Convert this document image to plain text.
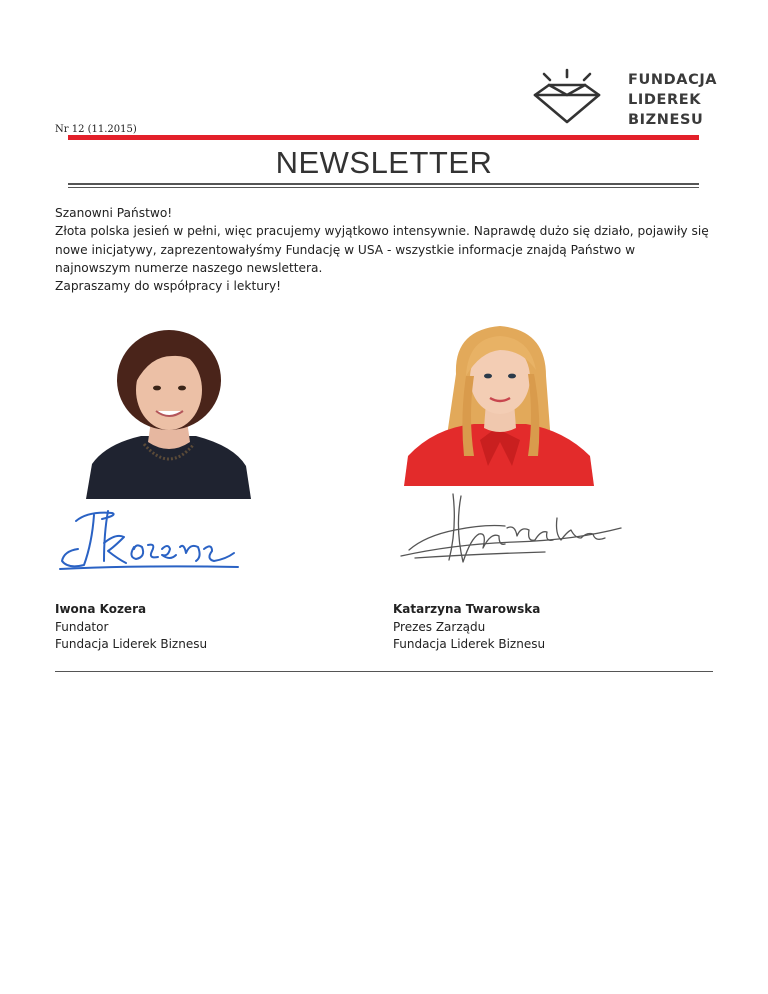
FUNDACJA
LIDEREK
BIZNESU
Nr 12 (11.2015)
NEWSLETTER

Szanowni Państwo!

Złota polska jesień w pełni, więc pracujemy wyjątkowo intensywnie. Naprawdę dużo się działo, pojawiły się nowe inicjatywy, zaprezentowałyśmy Fundację w USA - wszystkie informacje znajdą Państwo w najnowszym numerze naszego newslettera.

Zapraszamy do współpracy i lektury!

Iwona Kozera
Fundator
Fundacja Liderek Biznesu
Katarzyna Twarowska
Prezes Zarządu
Fundacja Liderek Biznesu
